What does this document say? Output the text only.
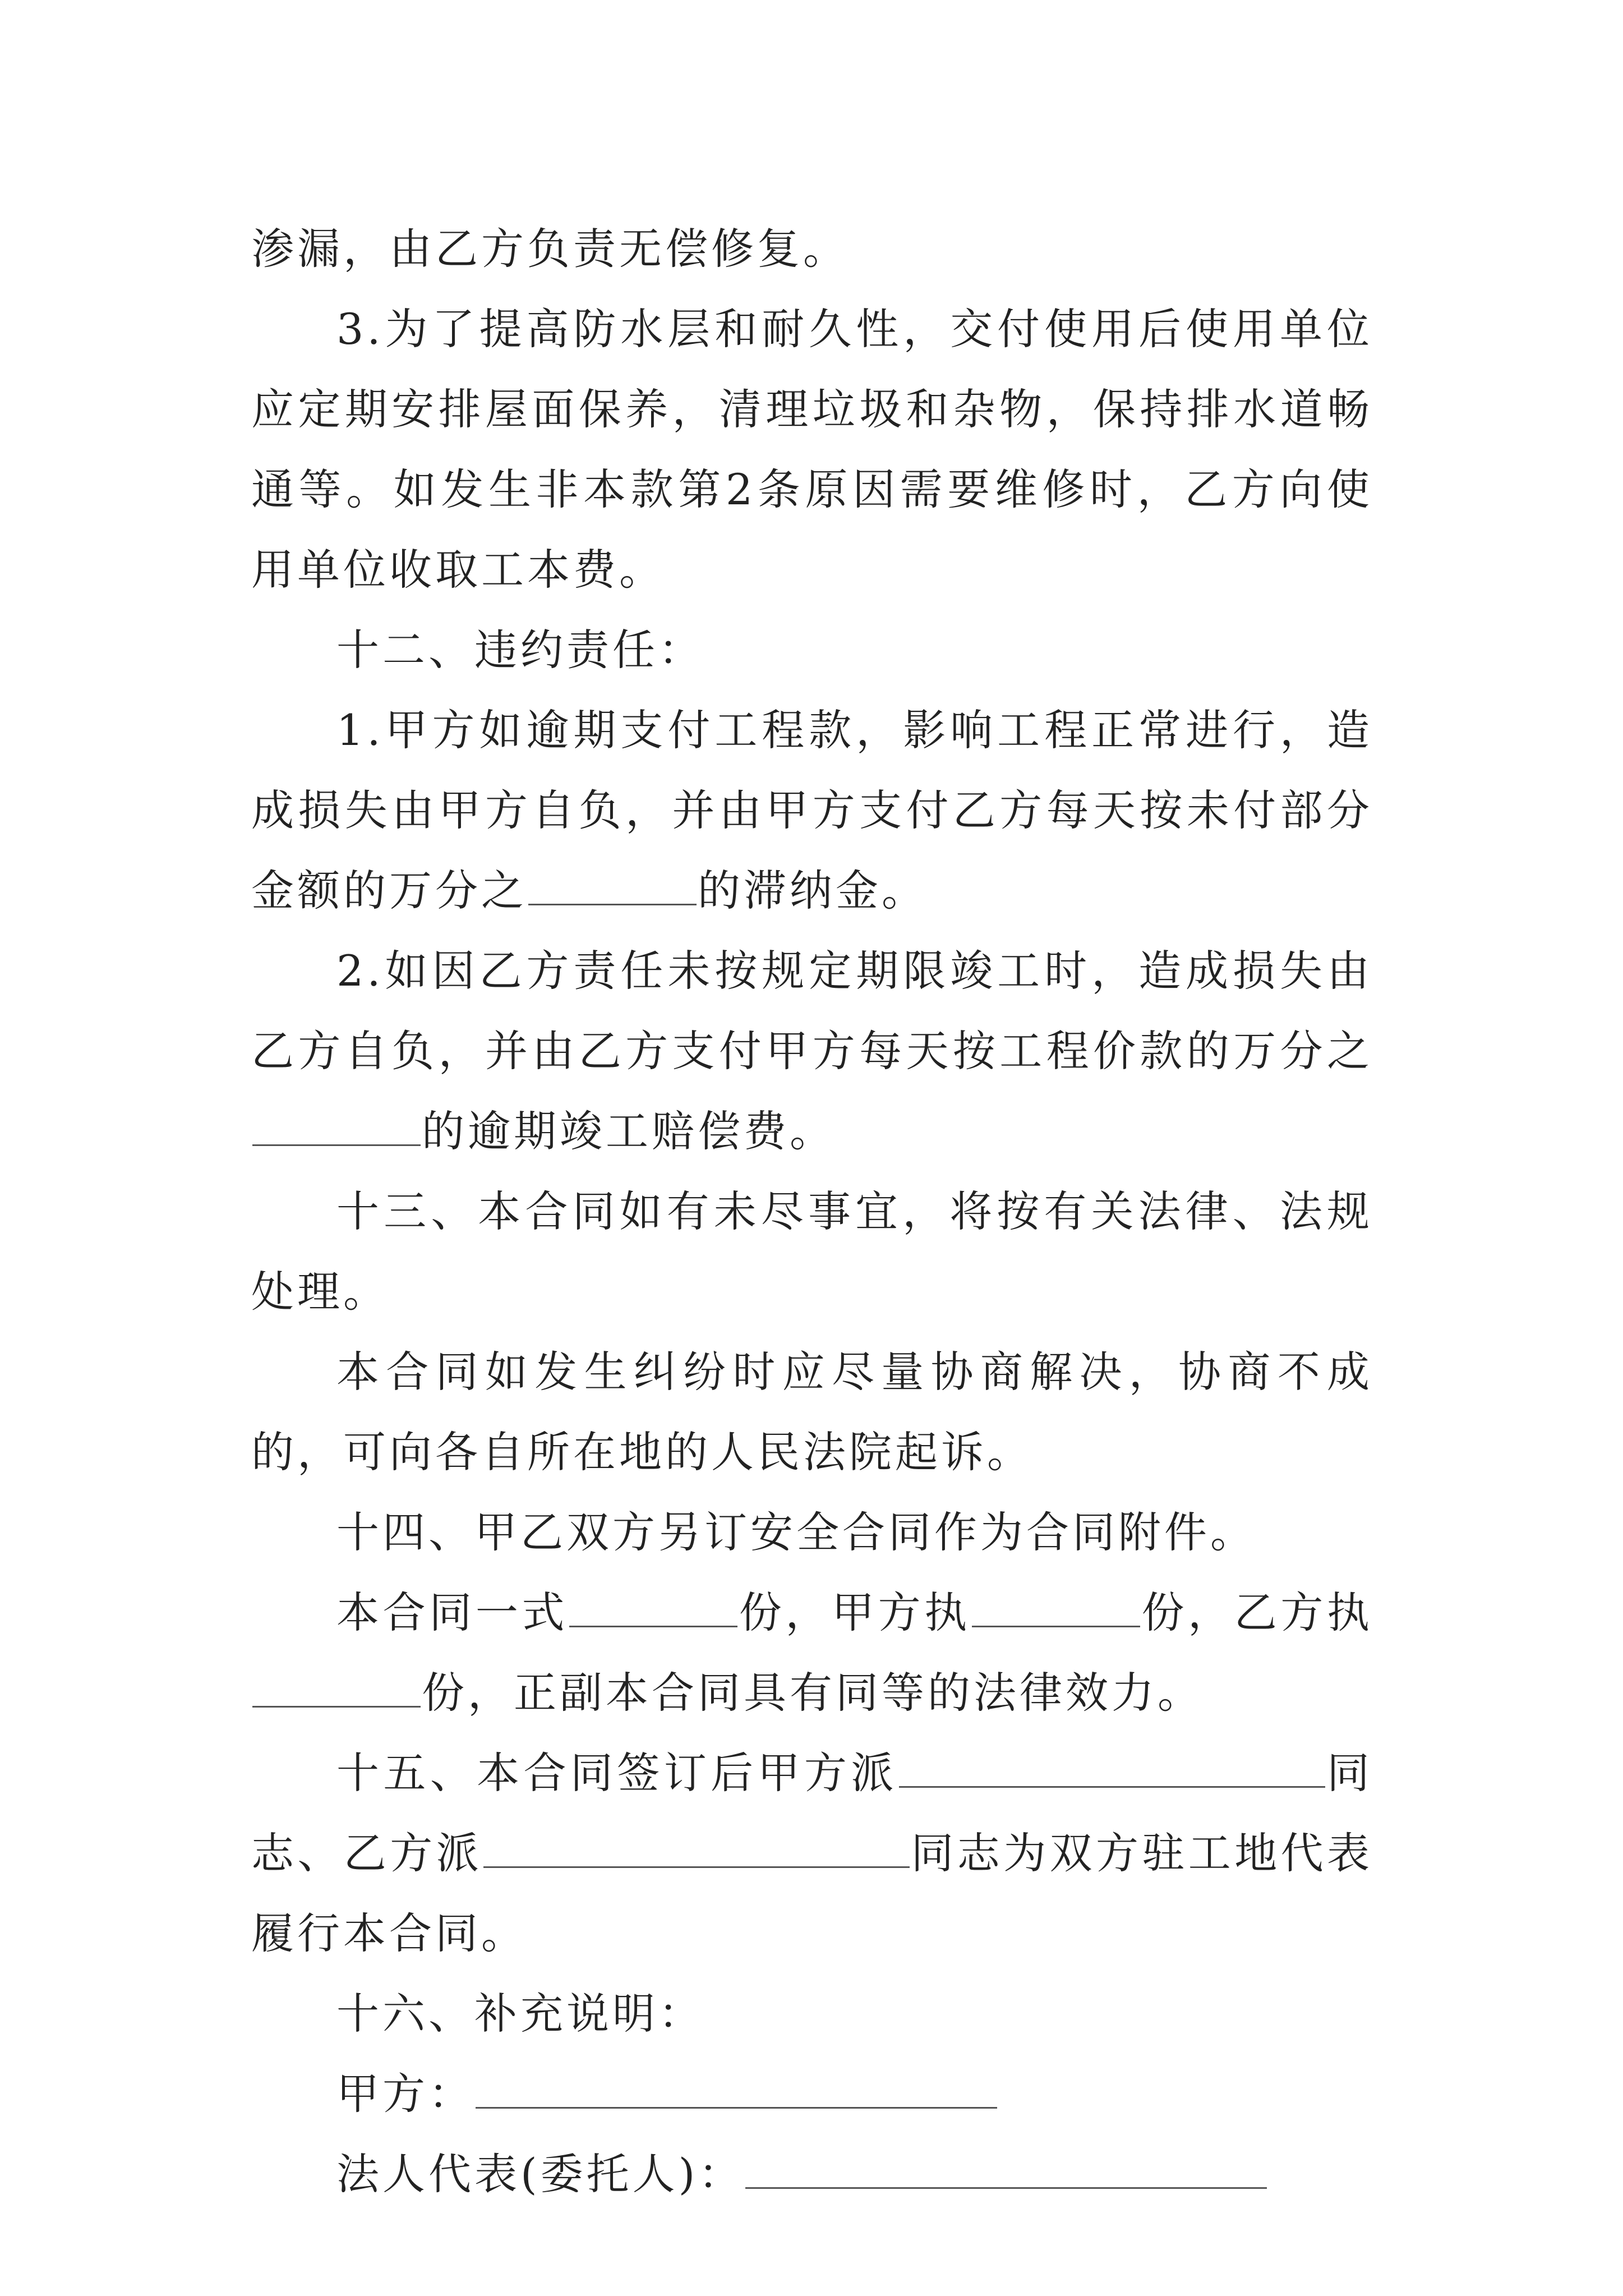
渗漏，由乙方负责无偿修复。

3.为了提高防水层和耐久性，交付使用后使用单位应定期安排屋面保养，清理垃圾和杂物，保持排水道畅通等。如发生非本款第2条原因需要维修时，乙方向使用单位收取工本费。

十二、违约责任：

1.甲方如逾期支付工程款，影响工程正常进行，造成损失由甲方自负，并由甲方支付乙方每天按未付部分金额的万分之	的滞纳金。

2.如因乙方责任未按规定期限竣工时，造成损失由乙方自负，并由乙方支付甲方每天按工程价款的万分之的逾期竣工赔偿费。

十三、本合同如有未尽事宜，将按有关法律、法规处理。

本合同如发生纠纷时应尽量协商解决，协商不成的，可向各自所在地的人民法院起诉。

十四、甲乙双方另订安全合同作为合同附件。

本合同一式	份，甲方执	份，乙方执份，正副本合同具有同等的法律效力。

十五、本合同签订后甲方派	同志、乙方派	同志为双方驻工地代表履行本合同。

十六、补充说明：

甲方：

法人代表(委托人)：
